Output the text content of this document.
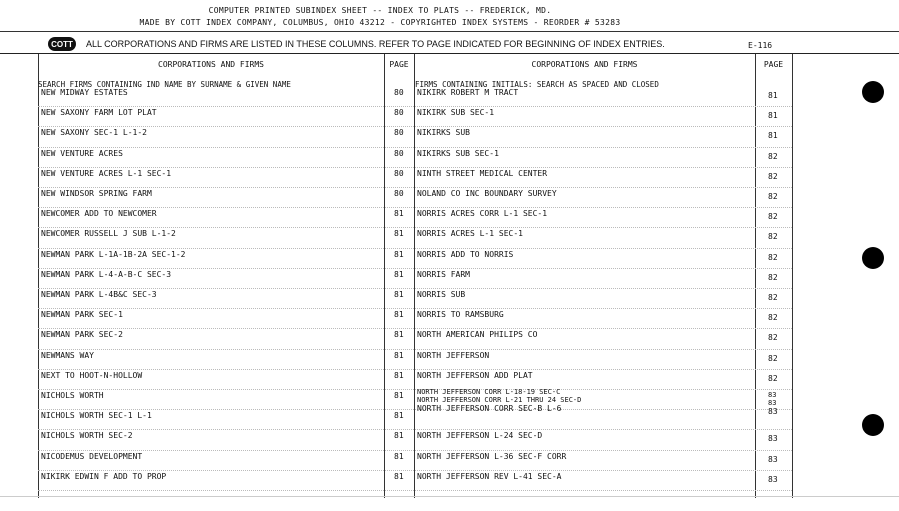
COMPUTER PRINTED SUBINDEX SHEET -- INDEX TO PLATS -- FREDERICK, MD.
MADE BY COTT INDEX COMPANY, COLUMBUS, OHIO 43212 - COPYRIGHTED INDEX SYSTEMS - REORDER # 53283
COTT	ALL CORPORATIONS AND FIRMS ARE LISTED IN THESE COLUMNS. REFER TO PAGE INDICATED FOR BEGINNING OF INDEX ENTRIES.	E-116
CORPORATIONS AND FIRMS	PAGE	CORPORATIONS AND FIRMS	PAGE
SEARCH FIRMS CONTAINING IND NAME BY SURNAME & GIVEN NAME	FIRMS CONTAINING INITIALS: SEARCH AS SPACED AND CLOSED
NEW MIDWAY ESTATES	80
NEW SAXONY FARM LOT PLAT	80
NEW SAXONY SEC-1 L-1-2	80
NEW VENTURE ACRES	80
NEW VENTURE ACRES L-1 SEC-1	80
NEW WINDSOR SPRING FARM	80
NEWCOMER ADD TO NEWCOMER	81
NEWCOMER RUSSELL J SUB L-1-2	81
NEWMAN PARK L-1A-1B-2A SEC-1-2	81
NEWMAN PARK L-4-A-B-C SEC-3	81
NEWMAN PARK L-4B&C SEC-3	81
NEWMAN PARK SEC-1	81
NEWMAN PARK SEC-2	81
NEWMANS WAY	81
NEXT TO HOOT-N-HOLLOW	81
NICHOLS WORTH	81
NICHOLS WORTH SEC-1 L-1	81
NICHOLS WORTH SEC-2	81
NICODEMUS DEVELOPMENT	81
NIKIRK EDWIN F ADD TO PROP	81
NIKIRK ROBERT M TRACT	81
NIKIRK SUB SEC-1	81
NIKIRKS SUB	81
NIKIRKS SUB SEC-1	82
NINTH STREET MEDICAL CENTER	82
NOLAND CO INC BOUNDARY SURVEY	82
NORRIS ACRES CORR L-1 SEC-1	82
NORRIS ACRES L-1 SEC-1	82
NORRIS ADD TO NORRIS	82
NORRIS FARM	82
NORRIS SUB	82
NORRIS TO RAMSBURG	82
NORTH AMERICAN PHILIPS CO	82
NORTH JEFFERSON	82
NORTH JEFFERSON ADD PLAT	82
NORTH JEFFERSON CORR L-18-19 SEC-C	83
NORTH JEFFERSON CORR L-21 THRU 24 SEC-D	83
NORTH JEFFERSON CORR SEC-B L-6	83
NORTH JEFFERSON L-24 SEC-D	83
NORTH JEFFERSON L-36 SEC-F CORR	83
NORTH JEFFERSON REV L-41 SEC-A	83
